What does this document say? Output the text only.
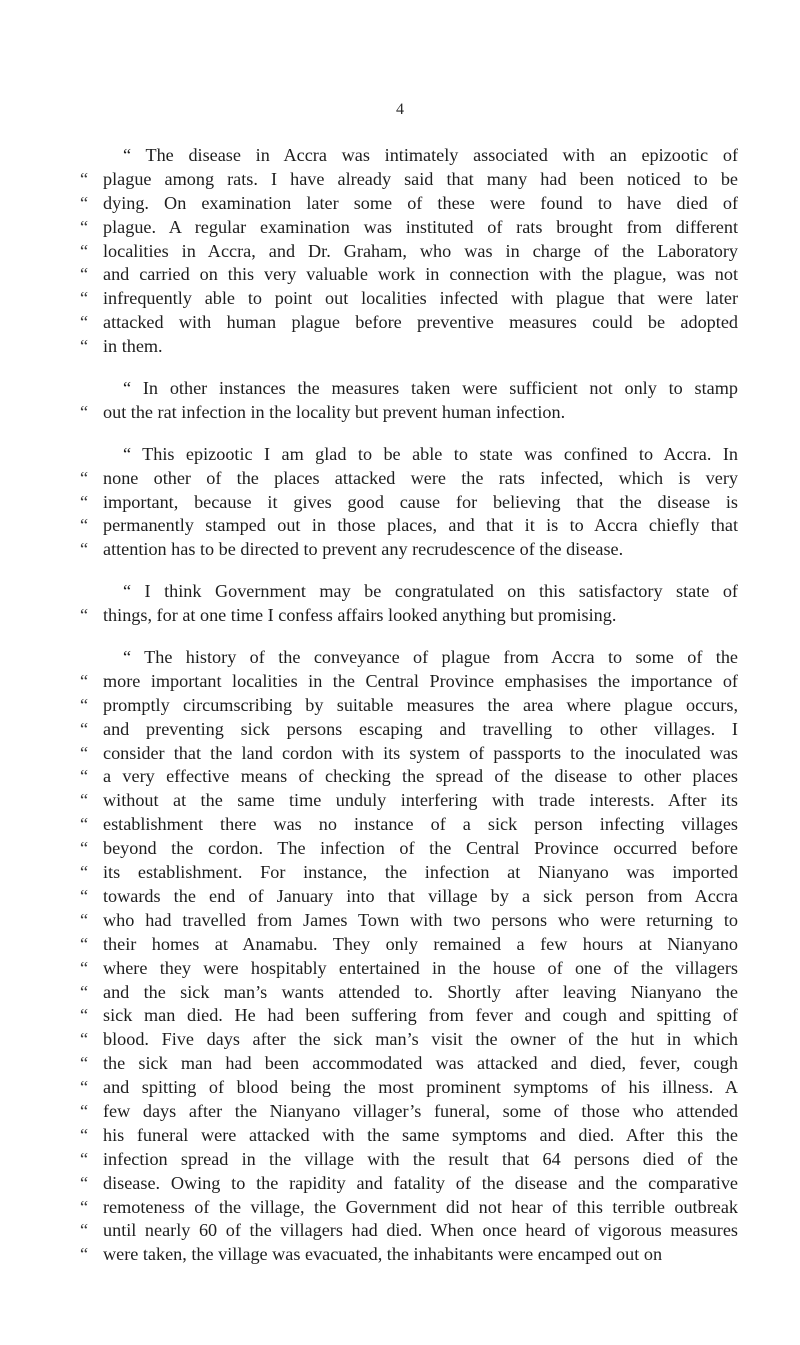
4
“ The disease in Accra was intimately associated with an epizootic of
“ plague among rats. I have already said that many had been noticed to be
“ dying. On examination later some of these were found to have died of
“ plague. A regular examination was instituted of rats brought from different
“ localities in Accra, and Dr. Graham, who was in charge of the Laboratory
“ and carried on this very valuable work in connection with the plague, was not
“ infrequently able to point out localities infected with plague that were later
“ attacked with human plague before preventive measures could be adopted
“ in them.
“ In other instances the measures taken were sufficient not only to stamp
“ out the rat infection in the locality but prevent human infection.
“ This epizootic I am glad to be able to state was confined to Accra. In
“ none other of the places attacked were the rats infected, which is very
“ important, because it gives good cause for believing that the disease is
“ permanently stamped out in those places, and that it is to Accra chiefly that
“ attention has to be directed to prevent any recrudescence of the disease.
“ I think Government may be congratulated on this satisfactory state of
“ things, for at one time I confess affairs looked anything but promising.
“ The history of the conveyance of plague from Accra to some of the
“ more important localities in the Central Province emphasises the importance of
“ promptly circumscribing by suitable measures the area where plague occurs,
“ and preventing sick persons escaping and travelling to other villages. I
“ consider that the land cordon with its system of passports to the inoculated was
“ a very effective means of checking the spread of the disease to other places
“ without at the same time unduly interfering with trade interests. After its
“ establishment there was no instance of a sick person infecting villages
“ beyond the cordon. The infection of the Central Province occurred before
“ its establishment. For instance, the infection at Nianyano was imported
“ towards the end of January into that village by a sick person from Accra
“ who had travelled from James Town with two persons who were returning to
“ their homes at Anamabu. They only remained a few hours at Nianyano
“ where they were hospitably entertained in the house of one of the villagers
“ and the sick man’s wants attended to. Shortly after leaving Nianyano the
“ sick man died. He had been suffering from fever and cough and spitting of
“ blood. Five days after the sick man’s visit the owner of the hut in which
“ the sick man had been accommodated was attacked and died, fever, cough
“ and spitting of blood being the most prominent symptoms of his illness. A
“ few days after the Nianyano villager’s funeral, some of those who attended
“ his funeral were attacked with the same symptoms and died. After this the
“ infection spread in the village with the result that 64 persons died of the
“ disease. Owing to the rapidity and fatality of the disease and the comparative
“ remoteness of the village, the Government did not hear of this terrible outbreak
“ until nearly 60 of the villagers had died. When once heard of vigorous measures
“ were taken, the village was evacuated, the inhabitants were encamped out on
